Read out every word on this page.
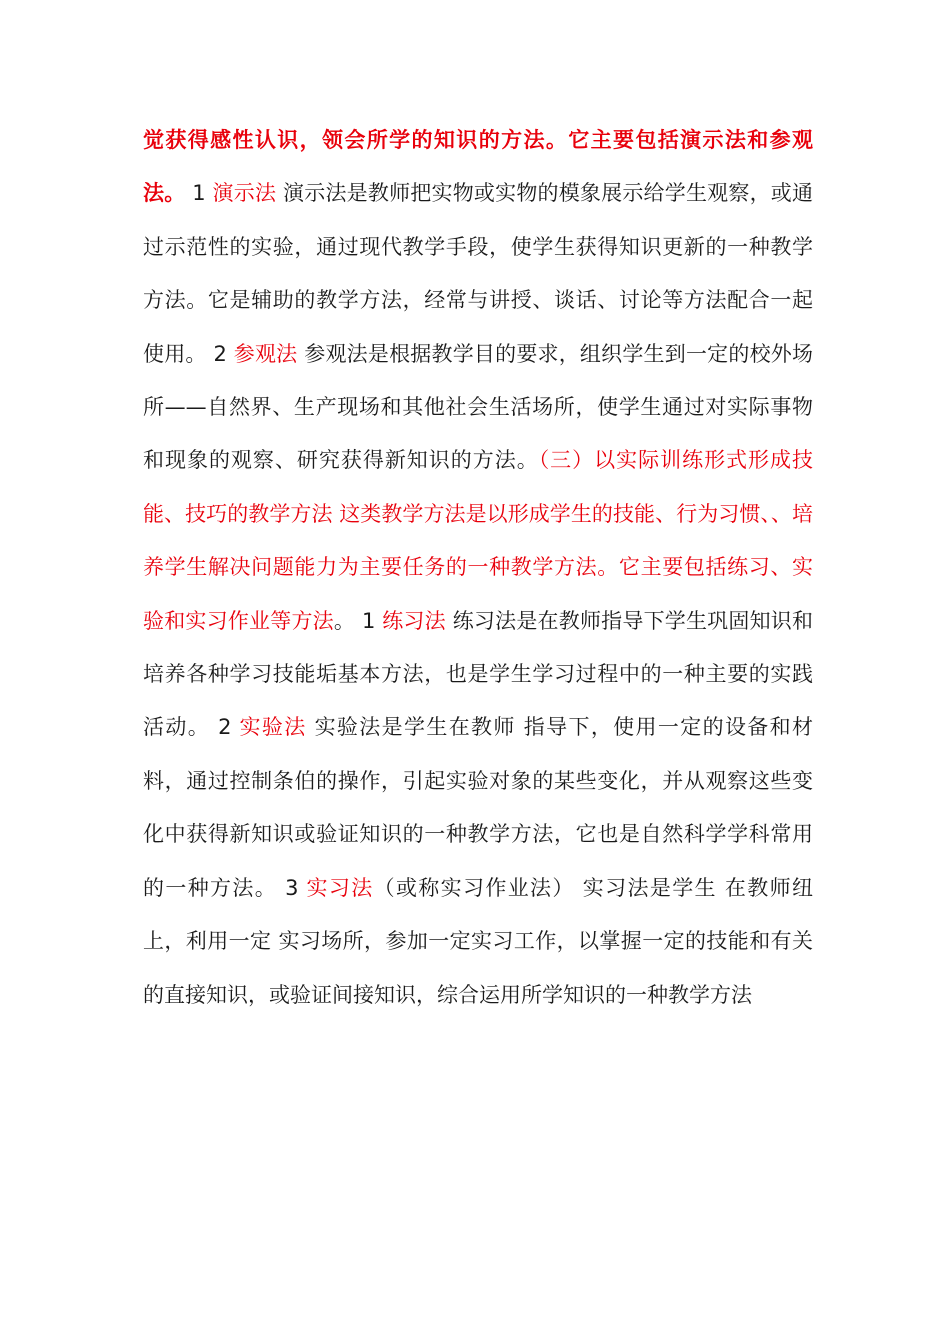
觉获得感性认识，领会所学的知识的方法。它主要包括演示法和参观法。 1 演示法 演示法是教师把实物或实物的模象展示给学生观察，或通过示范性的实验，通过现代教学手段，使学生获得知识更新的一种教学方法。它是辅助的教学方法，经常与讲授、谈话、讨论等方法配合一起使用。 2 参观法 参观法是根据教学目的要求，组织学生到一定的校外场所——自然界、生产现场和其他社会生活场所，使学生通过对实际事物和现象的观察、研究获得新知识的方法。（三）以实际训练形式形成技能、技巧的教学方法 这类教学方法是以形成学生的技能、行为习惯、、培养学生解决问题能力为主要任务的一种教学方法。它主要包括练习、实验和实习作业等方法。 1 练习法 练习法是在教师指导下学生巩固知识和培养各种学习技能垢基本方法，也是学生学习过程中的一种主要的实践活动。 2 实验法 实验法是学生在教师 指导下，使用一定的设备和材料，通过控制条伯的操作，引起实验对象的某些变化，并从观察这些变化中获得新知识或验证知识的一种教学方法，它也是自然科学学科常用的一种方法。 3 实习法（或称实习作业法） 实习法是学生 在教师纽上，利用一定 实习场所，参加一定实习工作，以掌握一定的技能和有关的直接知识，或验证间接知识，综合运用所学知识的一种教学方法
